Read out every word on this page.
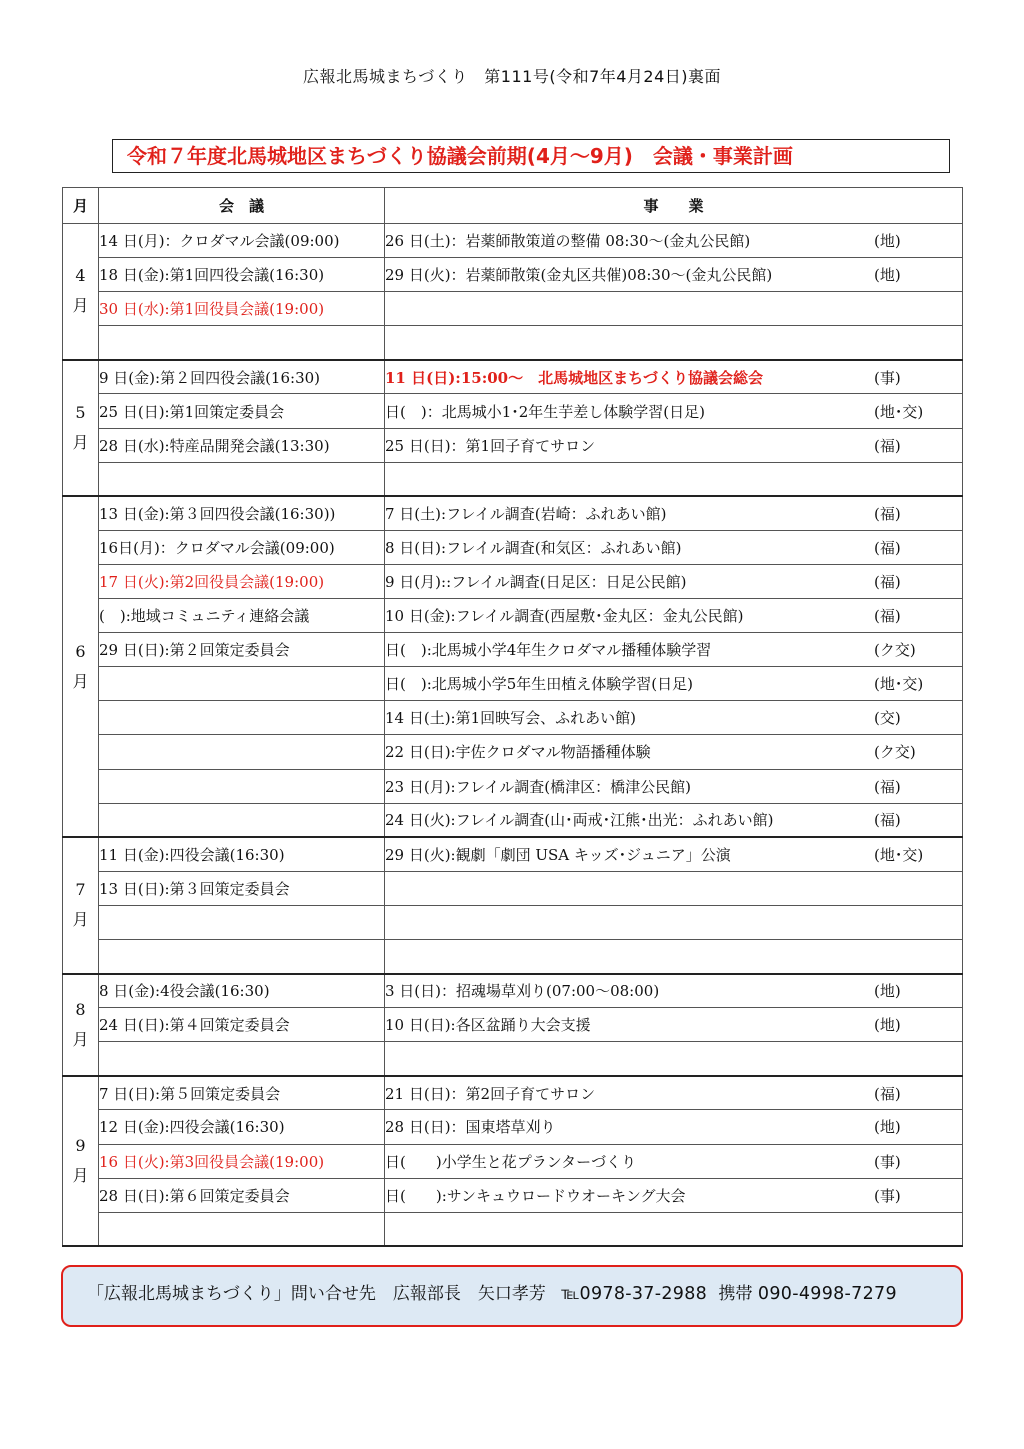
広報北馬城まちづくり　第111号(令和7年4月24日)裏面
令和７年度北馬城地区まちづくり協議会前期(4月～9月)　会議・事業計画
月	会　議	事　　業
4
月	14 日(月)：クロダマル会議(09:00)	26 日(土)：岩薬師散策道の整備 08:30～(金丸公民館) (地)

	18 日(金):第1回四役会議(16:30)	29 日(火)：岩薬師散策(金丸区共催)08:30～(金丸公民館) (地)

	30 日(水):第1回役員会議(19:00)	

5
月	9 日(金):第２回四役会議(16:30)	11 日(日):15:00～　北馬城地区まちづくり協議会総会 (事)

	25 日(日):第1回策定委員会	日(　)：北馬城小1･2年生芋差し体験学習(日足) (地･交)

	28 日(水):特産品開発会議(13:30)	25 日(日)：第1回子育てサロン (福)

6
月	13 日(金):第３回四役会議(16:30))	7 日(土):フレイル調査(岩崎：ふれあい館) (福)

	16日(月)：クロダマル会議(09:00)	8 日(日):フレイル調査(和気区：ふれあい館) (福)

	17 日(火):第2回役員会議(19:00)	9 日(月)::フレイル調査(日足区：日足公民館) (福)

	(　):地域コミュニティ連絡会議	10 日(金):フレイル調査(西屋敷･金丸区：金丸公民館) (福)

	29 日(日):第２回策定委員会	日(　):北馬城小学4年生クロダマル播種体験学習 (ク交)

		日(　):北馬城小学5年生田植え体験学習(日足) (地･交)

		14 日(土):第1回映写会、ふれあい館) (交)

		22 日(日):宇佐クロダマル物語播種体験 (ク交)

		23 日(月):フレイル調査(橋津区：橋津公民館) (福)

		24 日(火):フレイル調査(山･両戒･江熊･出光：ふれあい館) (福)

7
月	11 日(金):四役会議(16:30)	29 日(火):観劇「劇団 USA キッズ･ジュニア」公演 (地･交)

	13 日(日):第３回策定委員会	

8
月	8 日(金):4役会議(16:30)	3 日(日)：招魂場草刈り(07:00～08:00) (地)

	24 日(日):第４回策定委員会	10 日(日):各区盆踊り大会支援 (地)

9
月	7 日(日):第５回策定委員会	21 日(日)：第2回子育てサロン (福)

	12 日(金):四役会議(16:30)	28 日(日)：国東塔草刈り (地)

	16 日(火):第3回役員会議(19:00)	日(　　)小学生と花プランターづくり (事)

	28 日(日):第６回策定委員会	日(　　):サンキュウロードウオーキング大会 (事)

「広報北馬城まちづくり」問い合せ先　広報部長　矢口孝芳 ℡0978-37-2988 携帯 090-4998-7279
